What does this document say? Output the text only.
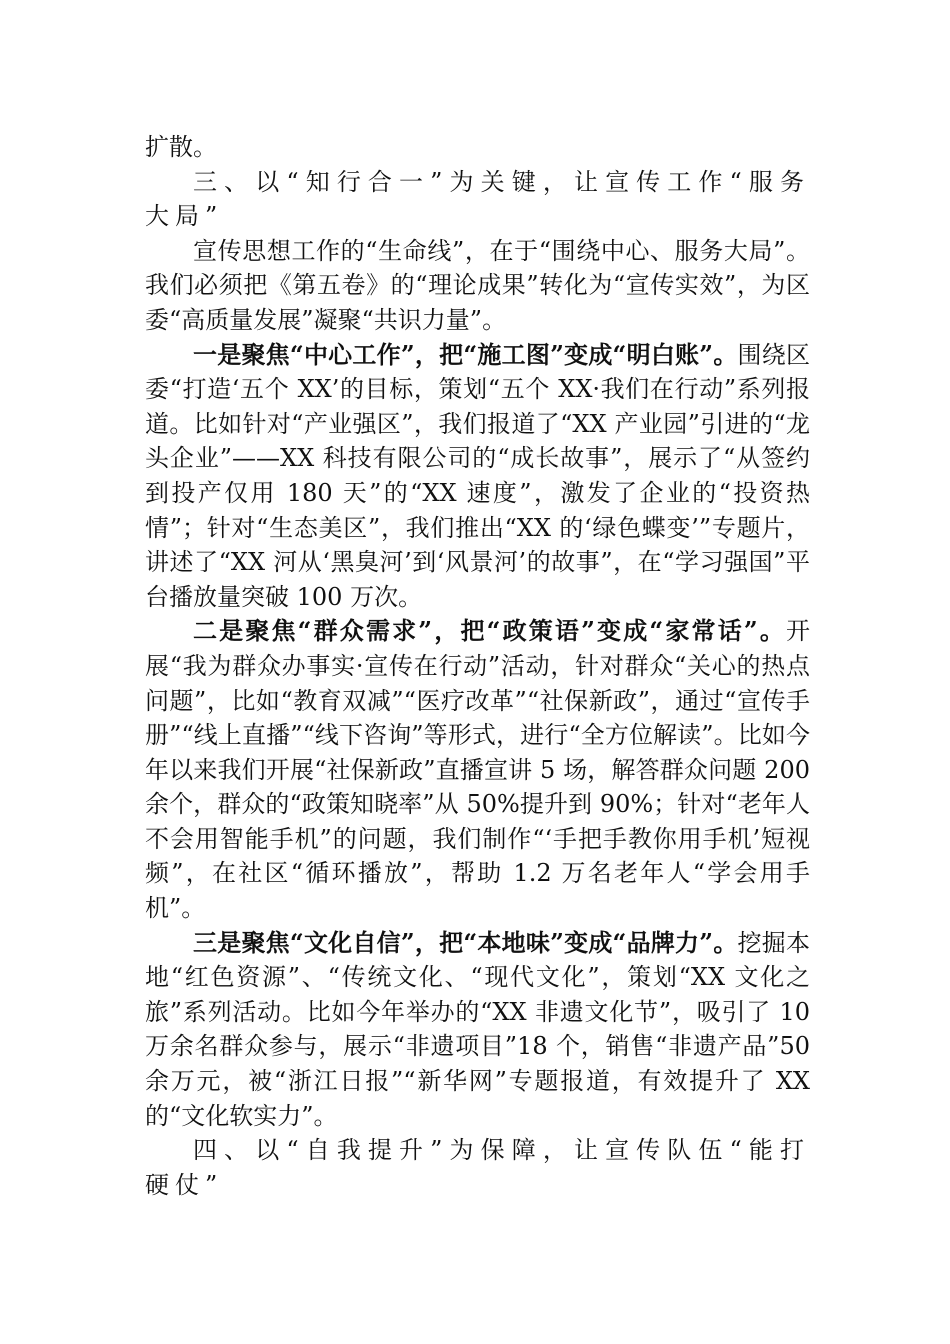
扩散。

三、以“知行合一”为关键，让宣传工作“服务大局”

宣传思想工作的“生命线”，在于“围绕中心、服务大局”。我们必须把《第五卷》的“理论成果”转化为“宣传实效”，为区委“高质量发展”凝聚“共识力量”。

一是聚焦“中心工作”，把“施工图”变成“明白账”。围绕区委“打造‘五个 XX’的目标，策划“五个 XX·我们在行动”系列报道。比如针对“产业强区”，我们报道了“XX 产业园”引进的“龙头企业”——XX 科技有限公司的“成长故事”，展示了“从签约到投产仅用 180 天”的“XX 速度”，激发了企业的“投资热情”；针对“生态美区”，我们推出“XX 的‘绿色蝶变’”专题片，讲述了“XX 河从‘黑臭河’到‘风景河’的故事”，在“学习强国”平台播放量突破 100 万次。

二是聚焦“群众需求”，把“政策语”变成“家常话”。开展“我为群众办事实·宣传在行动”活动，针对群众“关心的热点问题”，比如“教育双减”“医疗改革”“社保新政”，通过“宣传手册”“线上直播”“线下咨询”等形式，进行“全方位解读”。比如今年以来我们开展“社保新政”直播宣讲 5 场，解答群众问题 200 余个，群众的“政策知晓率”从 50%提升到 90%；针对“老年人不会用智能手机”的问题，我们制作“‘手把手教你用手机’短视频”，在社区“循环播放”，帮助 1.2 万名老年人“学会用手机”。

三是聚焦“文化自信”，把“本地味”变成“品牌力”。挖掘本地“红色资源”、“传统文化、“现代文化”，策划“XX 文化之旅”系列活动。比如今年举办的“XX 非遗文化节”，吸引了 10 万余名群众参与，展示“非遗项目”18 个，销售“非遗产品”50 余万元，被“浙江日报”“新华网”专题报道，有效提升了 XX 的“文化软实力”。

四、以“自我提升”为保障，让宣传队伍“能打硬仗”
